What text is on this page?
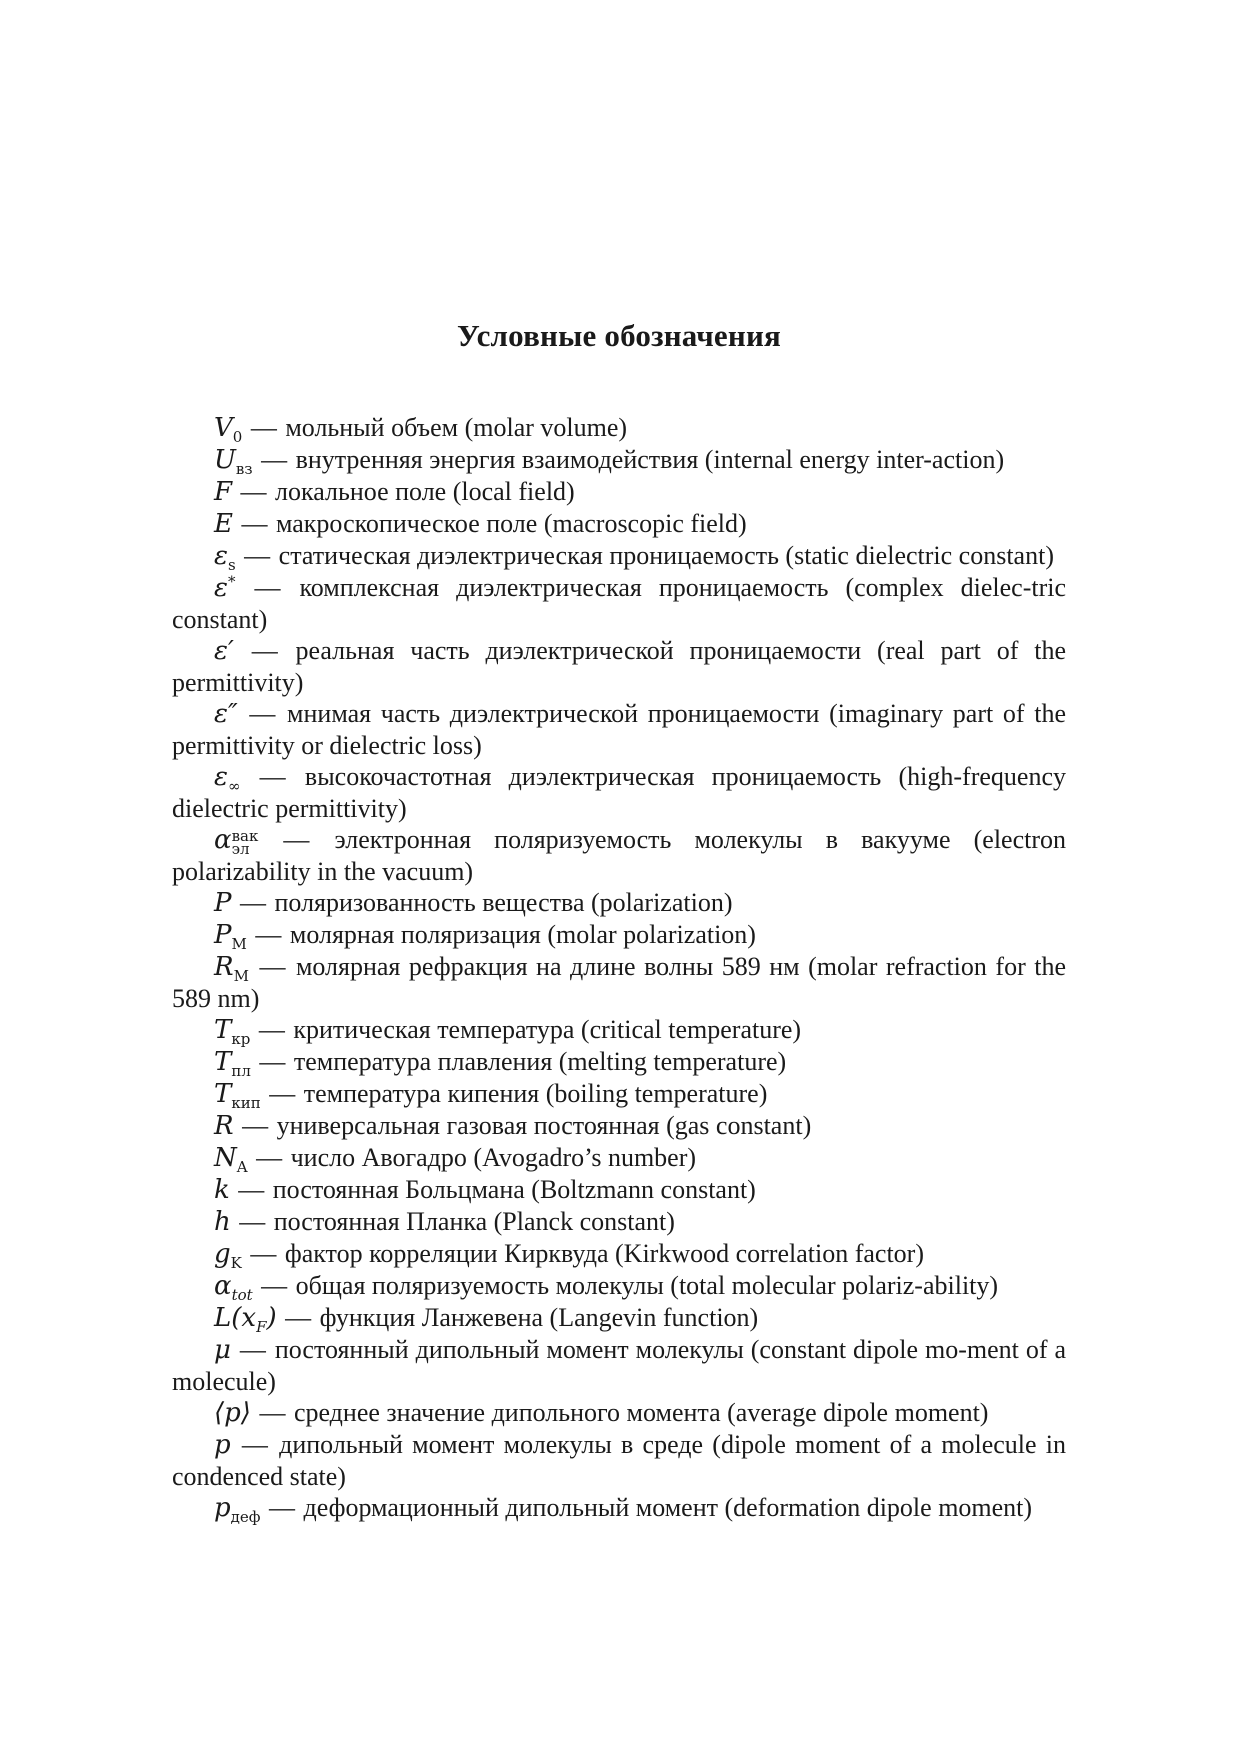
Условные обозначения
$V_0$ — мольный объем (molar volume)
$U_{вз}$ — внутренняя энергия взаимодействия (internal energy inter-action)
F — локальное поле (local field)
E — макроскопическое поле (macroscopic field)
$\varepsilon_s$ — статическая диэлектрическая проницаемость (static dielectric constant)
ε* — комплексная диэлектрическая проницаемость (complex dielec-tric constant)
ε′ — реальная часть диэлектрической проницаемости (real part of the permittivity)
ε″ — мнимая часть диэлектрической проницаемости (imaginary part of the permittivity or dielectric loss)
$\varepsilon_\infty$ — высокочастотная диэлектрическая проницаемость (high-frequency dielectric permittivity)
α вак
эл — электронная поляризуемость молекулы в вакууме (electron polarizability in the vacuum)
P — поляризованность вещества (polarization)
$P_M$ — молярная поляризация (molar polarization)
$R_M$ — молярная рефракция на длине волны 589 нм (molar refraction for the 589 nm)
$T_{кр}$ — критическая температура (critical temperature)
$T_{пл}$ — температура плавления (melting temperature)
$T_{кип}$ — температура кипения (boiling temperature)
R — универсальная газовая постоянная (gas constant)
$N_A$ — число Авогадро (Avogadro’s number)
k — постоянная Больцмана (Boltzmann constant)
h — постоянная Планка (Planck constant)
$g_K$ — фактор корреляции Кирквуда (Kirkwood correlation factor)
$\alpha_{tot}$ — общая поляризуемость молекулы (total molecular polariz-ability)
$L(x_F)$ — функция Ланжевена (Langevin function)
μ — постоянный дипольный момент молекулы (constant dipole mo-ment of a molecule)
⟨p⟩ — среднее значение дипольного момента (average dipole moment)
p — дипольный момент молекулы в среде (dipole moment of a molecule in condenced state)
$p_{деф}$ — деформационный дипольный момент (deformation dipole moment)
